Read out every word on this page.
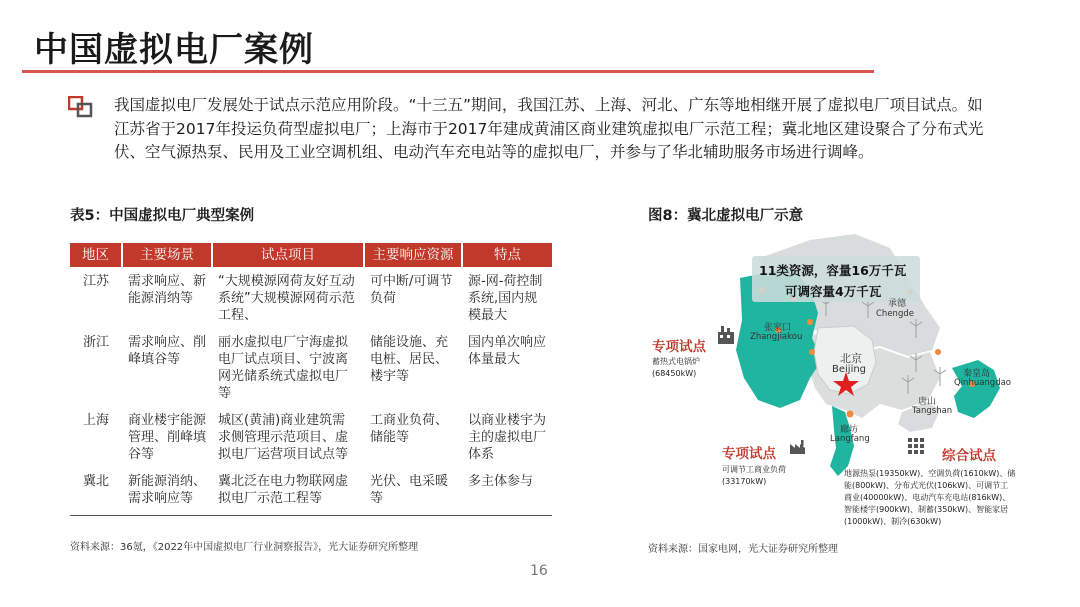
中国虚拟电厂案例
我国虚拟电厂发展处于试点示范应用阶段。“十三五”期间，我国江苏、上海、河北、广东等地相继开展了虚拟电厂项目试点。如江苏省于2017年投运负荷型虚拟电厂；上海市于2017年建成黄浦区商业建筑虚拟电厂示范工程；冀北地区建设聚合了分布式光伏、空气源热泵、民用及工业空调机组、电动汽车充电站等的虚拟电厂，并参与了华北辅助服务市场进行调峰。
表5：中国虚拟电厂典型案例	图8：冀北虚拟电厂示意
地区	主要场景	试点项目	主要响应资源	特点
江苏	需求响应、新能源消纳等	“大规模源网荷友好互动系统”大规模源网荷示范工程、	可中断/可调节负荷	源-网-荷控制系统,国内规模最大
浙江	需求响应、削峰填谷等	丽水虚拟电厂宁海虚拟电厂试点项目、宁波离网光储系统式虚拟电厂等	储能设施、充电桩、居民、楼宇等	国内单次响应体量最大
上海	商业楼宇能源管理、削峰填谷等	城区(黄浦)商业建筑需求侧管理示范项目、虚拟电厂运营项目试点等	工商业负荷、储能等	以商业楼宇为主的虚拟电厂体系
冀北	新能源消纳、需求响应等	冀北泛在电力物联网虚拟电厂示范工程等	光伏、电采暖等	多主体参与
资料来源：36氪，《2022年中国虚拟电厂行业洞察报告》，光大证券研究所整理
11类资源，容量16万千瓦
可调容量4万千瓦
承德
Chengde
张家口
Zhangjiakou
北京
Beijing	秦皇岛
Qinhuangdao
唐山
Tangshan
廊坊
Langfang
专项试点
蓄热式电锅炉
(68450kW)
专项试点
可调节工商业负荷
(33170kW)
综合试点
地源热泵(19350kW)、空调负荷(1610kW)、储
能(800kW)、分布式光伏(106kW)、可调节工
商业(40000kW)、电动汽车充电站(816kW)、
智能楼宇(900kW)、制蓄(350kW)、智能家居
(1000kW)、制冷(630kW)
资料来源：国家电网，光大证券研究所整理
16
